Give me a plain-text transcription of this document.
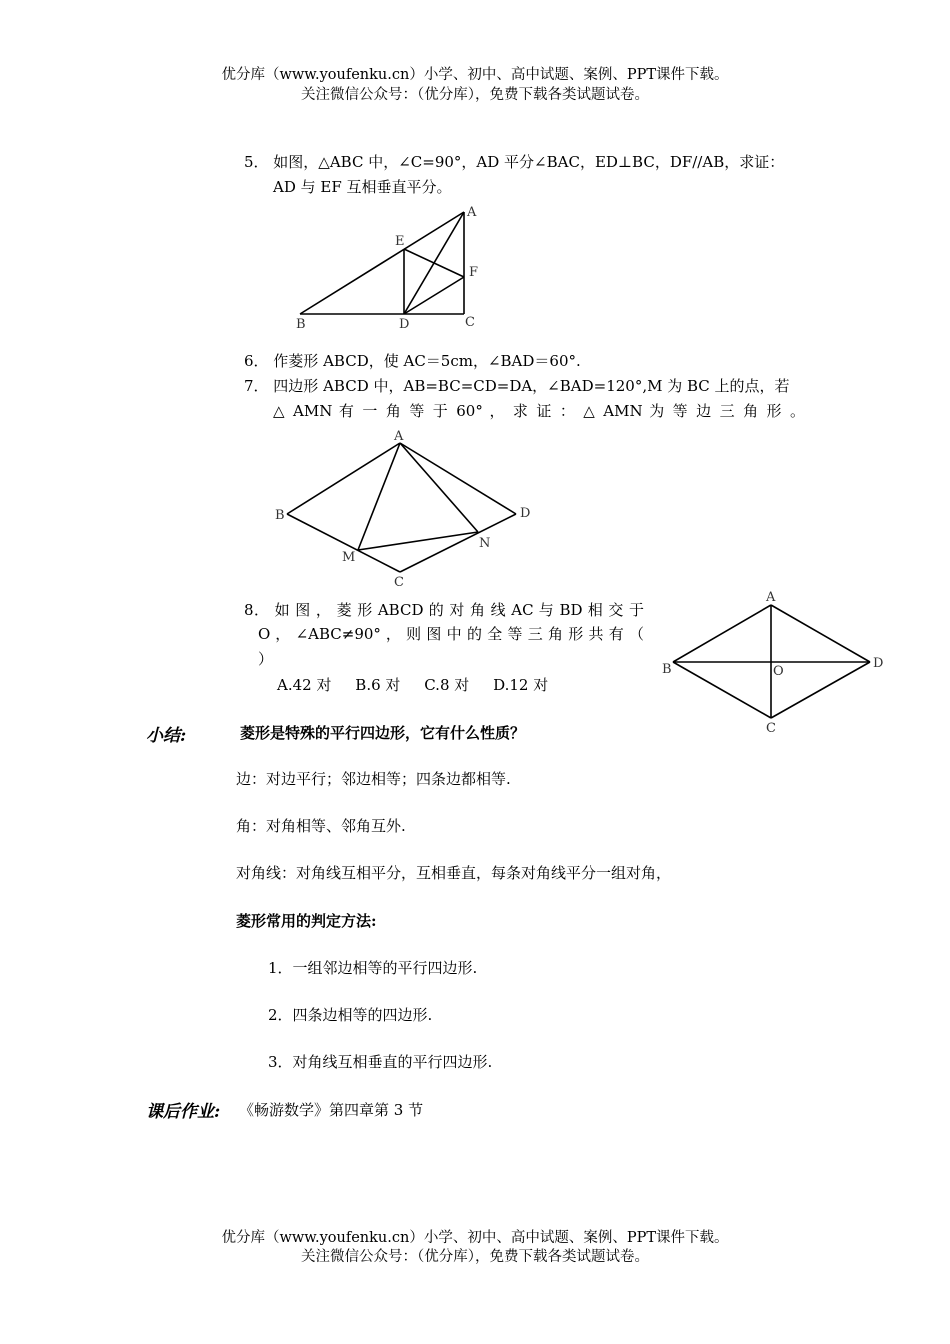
优分库（www.youfenku.cn）小学、初中、高中试题、案例、PPT课件下载。
关注微信公众号：（优分库），免费下载各类试题试卷。
5． 如图，△ABC 中，∠C=90°，AD 平分∠BAC，ED⊥BC，DF//AB，求证：
AD 与 EF 互相垂直平分。
A
B	C
D
E
F
A
B
C
D
M
N
A
B
C
D
O
6． 作菱形 ABCD，使 AC＝5cm，∠BAD＝60°.
7． 四边形 ABCD 中，AB=BC=CD=DA，∠BAD=120°,M 为 BC 上的点，若
△ AMN 有 一 角 等 于 60° ， 求 证 ： △ AMN 为 等 边 三 角 形 。
8． 如 图 ， 菱 形 ABCD 的 对 角 线 AC 与 BD 相 交 于
O ， ∠ABC≠90° ， 则 图 中 的 全 等 三 角 形 共 有 （
）
A.42 对     B.6 对     C.8 对     D.12 对
小结:	菱形是特殊的平行四边形，它有什么性质？
边：对边平行；邻边相等；四条边都相等.
角：对角相等、邻角互外.
对角线：对角线互相平分，互相垂直，每条对角线平分一组对角，
菱形常用的判定方法:
1．一组邻边相等的平行四边形.
2．四条边相等的四边形.
3．对角线互相垂直的平行四边形.
课后作业: 《畅游数学》第四章第 3 节
优分库（www.youfenku.cn）小学、初中、高中试题、案例、PPT课件下载。
关注微信公众号：（优分库），免费下载各类试题试卷。
